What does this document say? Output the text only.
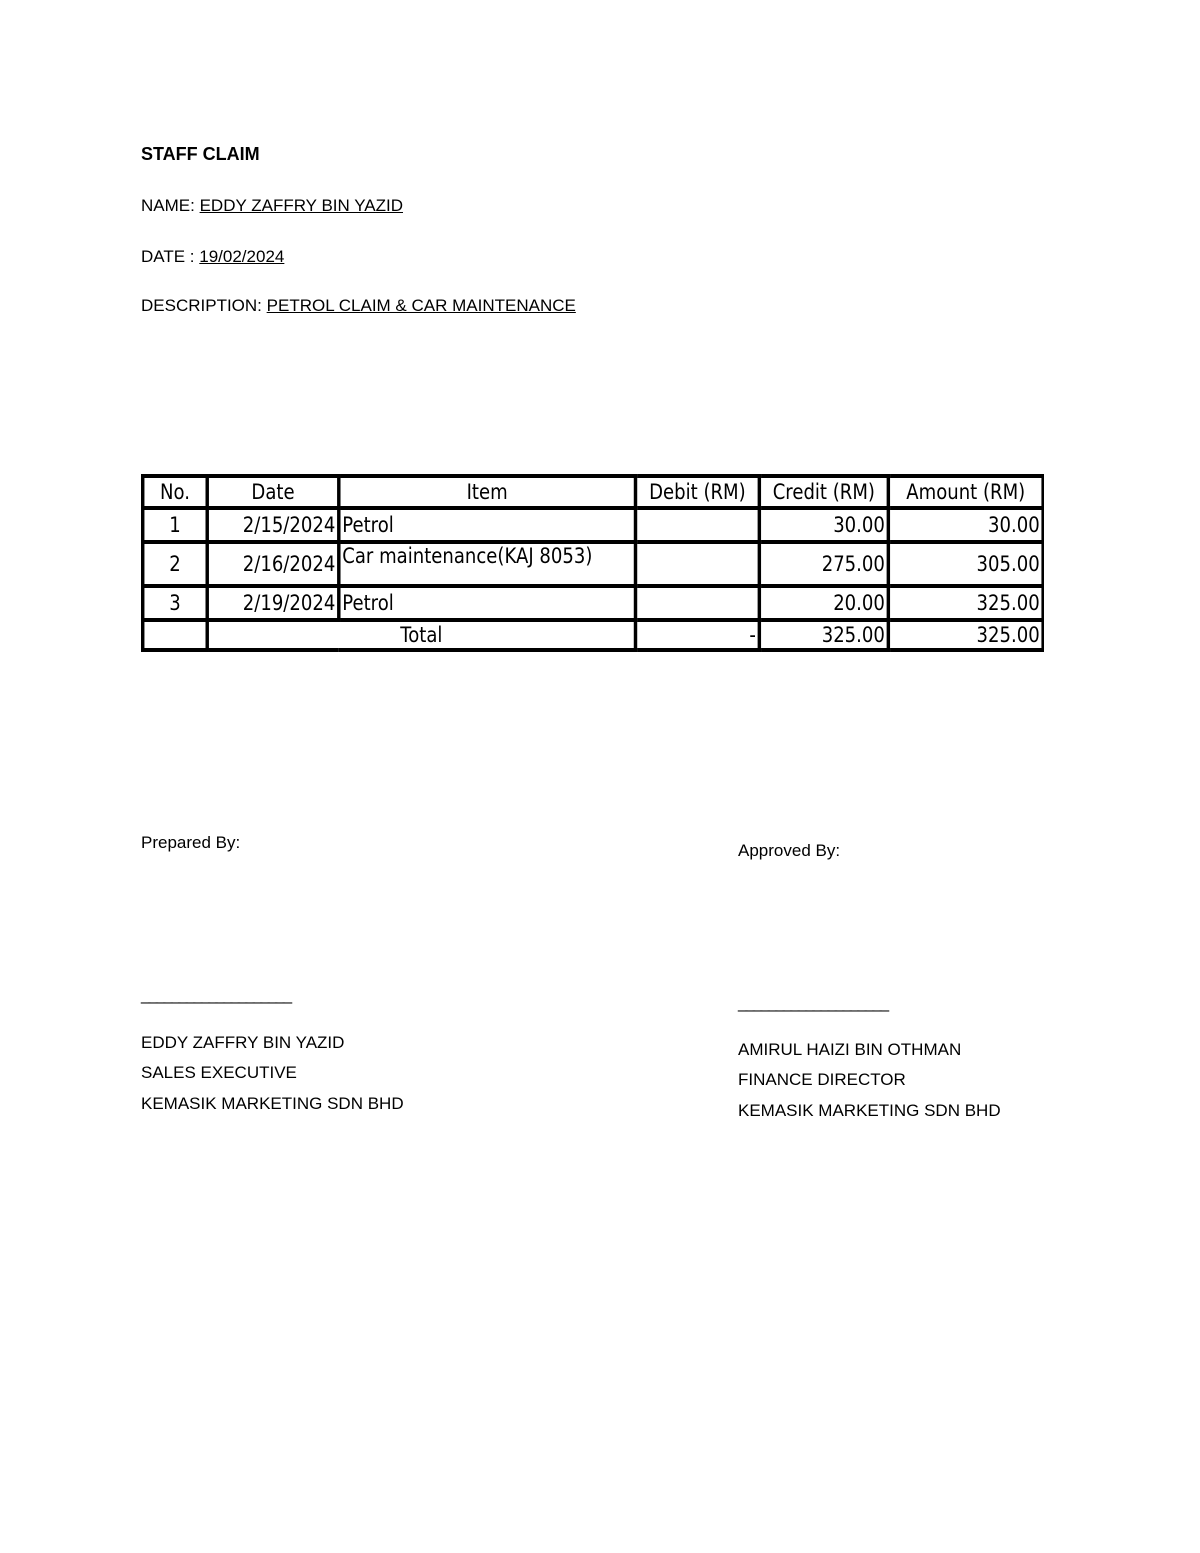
STAFF CLAIM
NAME: EDDY ZAFFRY BIN YAZID
DATE : 19/02/2024
DESCRIPTION: PETROL CLAIM & CAR MAINTENANCE
No.	Date	Item	Debit (RM)	Credit (RM)	Amount (RM)
1	2/15/2024	Petrol		30.00	30.00
2	2/16/2024	Car maintenance(KAJ 8053)		275.00	305.00
3	2/19/2024	Petrol		20.00	325.00
	Total		-	325.00	325.00
Prepared By:
____________________
EDDY ZAFFRY BIN YAZID
SALES EXECUTIVE
KEMASIK MARKETING SDN BHD
Approved By:
____________________
AMIRUL HAIZI BIN OTHMAN
FINANCE DIRECTOR
KEMASIK MARKETING SDN BHD
